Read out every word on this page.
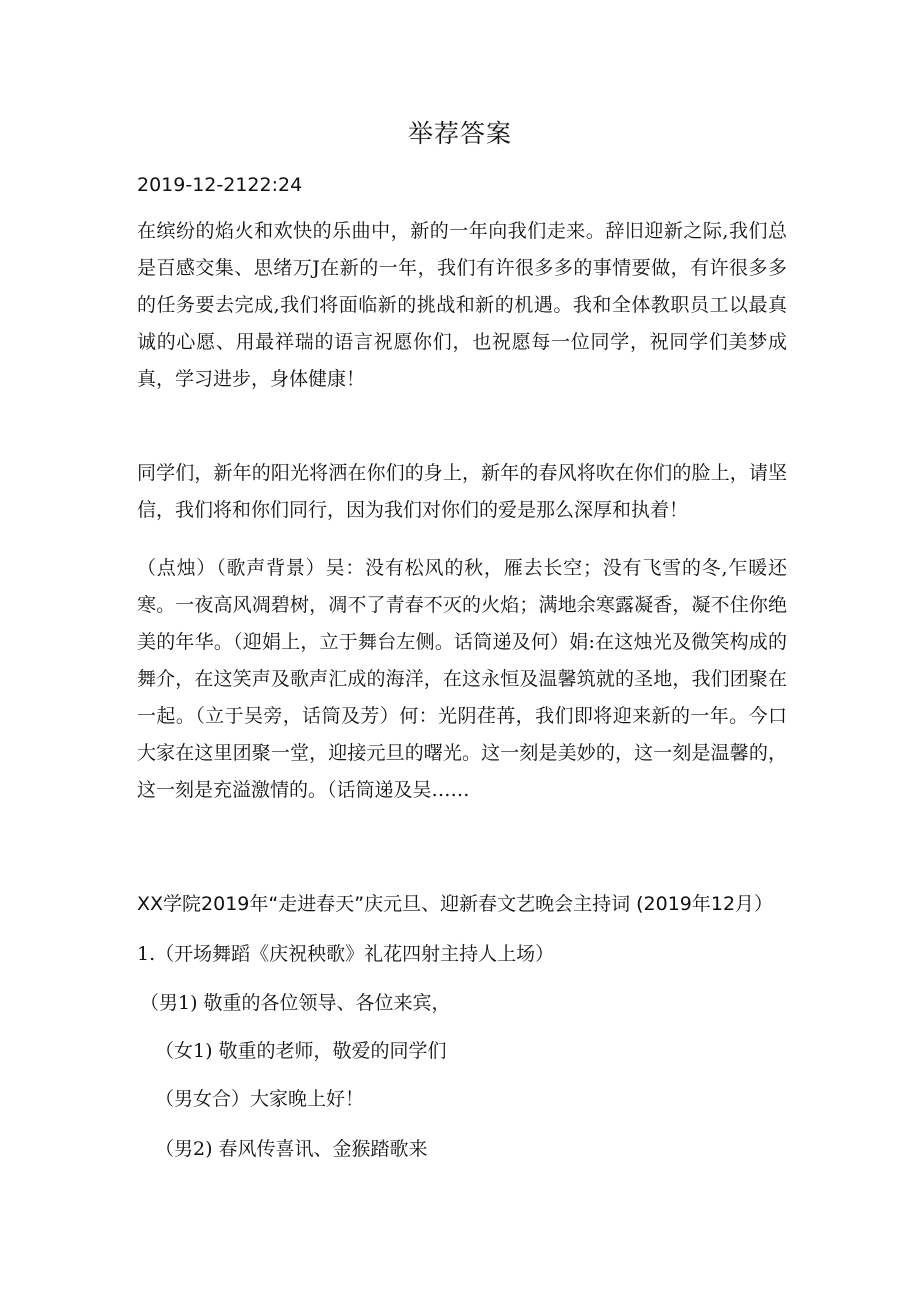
举荐答案
2019-12-2122:24

在缤纷的焰火和欢快的乐曲中，新的一年向我们走来。辞旧迎新之际,我们总是百感交集、思绪万J在新的一年，我们有许很多多的事情要做，有许很多多的任务要去完成,我们将面临新的挑战和新的机遇。我和全体教职员工以最真诚的心愿、用最祥瑞的语言祝愿你们，也祝愿每一位同学，祝同学们美梦成真，学习进步，身体健康！

同学们，新年的阳光将洒在你们的身上，新年的春风将吹在你们的脸上，请坚信，我们将和你们同行，因为我们对你们的爱是那么深厚和执着！

（点烛）（歌声背景）吴：没有松风的秋，雁去长空；没有飞雪的冬,乍暖还寒。一夜高风凋碧树，凋不了青春不灭的火焰；满地余寒露凝香，凝不住你绝美的年华。（迎娟上，立于舞台左侧。话筒递及何）娟:在这烛光及微笑构成的舞介，在这笑声及歌声汇成的海洋，在这永恒及温馨筑就的圣地，我们团聚在一起。（立于吴旁，话筒及芳）何：光阴荏苒，我们即将迎来新的一年。今口大家在这里团聚一堂，迎接元旦的曙光。这一刻是美妙的，这一刻是温馨的，这一刻是充溢激情的。（话筒递及吴……

XX学院2019年“走进春天”庆元旦、迎新春文艺晚会主持词 (2019年12月）
1.（开场舞蹈《庆祝秧歌》礼花四射主持人上场）
（男1) 敬重的各位领导、各位来宾，
（女1) 敬重的老师，敬爱的同学们
（男女合）大家晚上好！
（男2) 春风传喜讯、金猴踏歌来
